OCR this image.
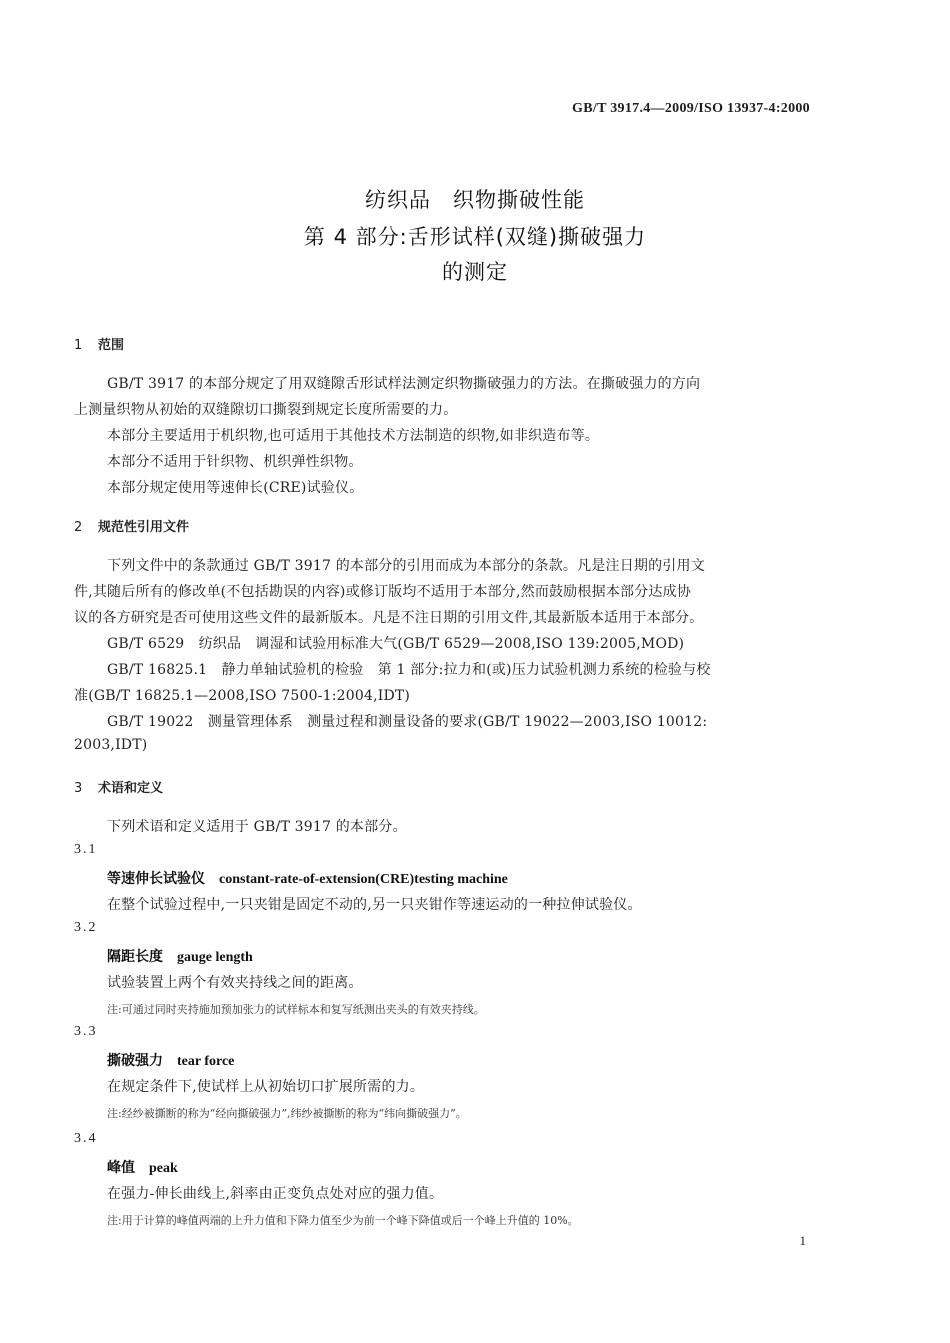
GB/T 3917.4—2009/ISO 13937-4:2000
纺织品　织物撕破性能
第 4 部分:舌形试样(双缝)撕破强力
的测定
1 范围
GB/T 3917 的本部分规定了用双缝隙舌形试样法测定织物撕破强力的方法。在撕破强力的方向
上测量织物从初始的双缝隙切口撕裂到规定长度所需要的力。
本部分主要适用于机织物,也可适用于其他技术方法制造的织物,如非织造布等。
本部分不适用于针织物、机织弹性织物。
本部分规定使用等速伸长(CRE)试验仪。
2 规范性引用文件
下列文件中的条款通过 GB/T 3917 的本部分的引用而成为本部分的条款。凡是注日期的引用文
件,其随后所有的修改单(不包括勘误的内容)或修订版均不适用于本部分,然而鼓励根据本部分达成协
议的各方研究是否可使用这些文件的最新版本。凡是不注日期的引用文件,其最新版本适用于本部分。
GB/T 6529　纺织品　调湿和试验用标准大气(GB/T 6529—2008,ISO 139:2005,MOD)
GB/T 16825.1　静力单轴试验机的检验　第 1 部分:拉力和(或)压力试验机测力系统的检验与校
准(GB/T 16825.1—2008,ISO 7500-1:2004,IDT)
GB/T 19022　测量管理体系　测量过程和测量设备的要求(GB/T 19022—2003,ISO 10012:
2003,IDT)
3 术语和定义
下列术语和定义适用于 GB/T 3917 的本部分。
3.1
等速伸长试验仪 constant-rate-of-extension(CRE)testing machine
在整个试验过程中,一只夹钳是固定不动的,另一只夹钳作等速运动的一种拉伸试验仪。
3.2
隔距长度 gauge length
试验装置上两个有效夹持线之间的距离。
注:可通过同时夹持施加预加张力的试样标本和复写纸测出夹头的有效夹持线。
3.3
撕破强力 tear force
在规定条件下,使试样上从初始切口扩展所需的力。
注:经纱被撕断的称为“经向撕破强力”,纬纱被撕断的称为“纬向撕破强力”。
3.4
峰值 peak
在强力-伸长曲线上,斜率由正变负点处对应的强力值。
注:用于计算的峰值两端的上升力值和下降力值至少为前一个峰下降值或后一个峰上升值的 10%。
1
